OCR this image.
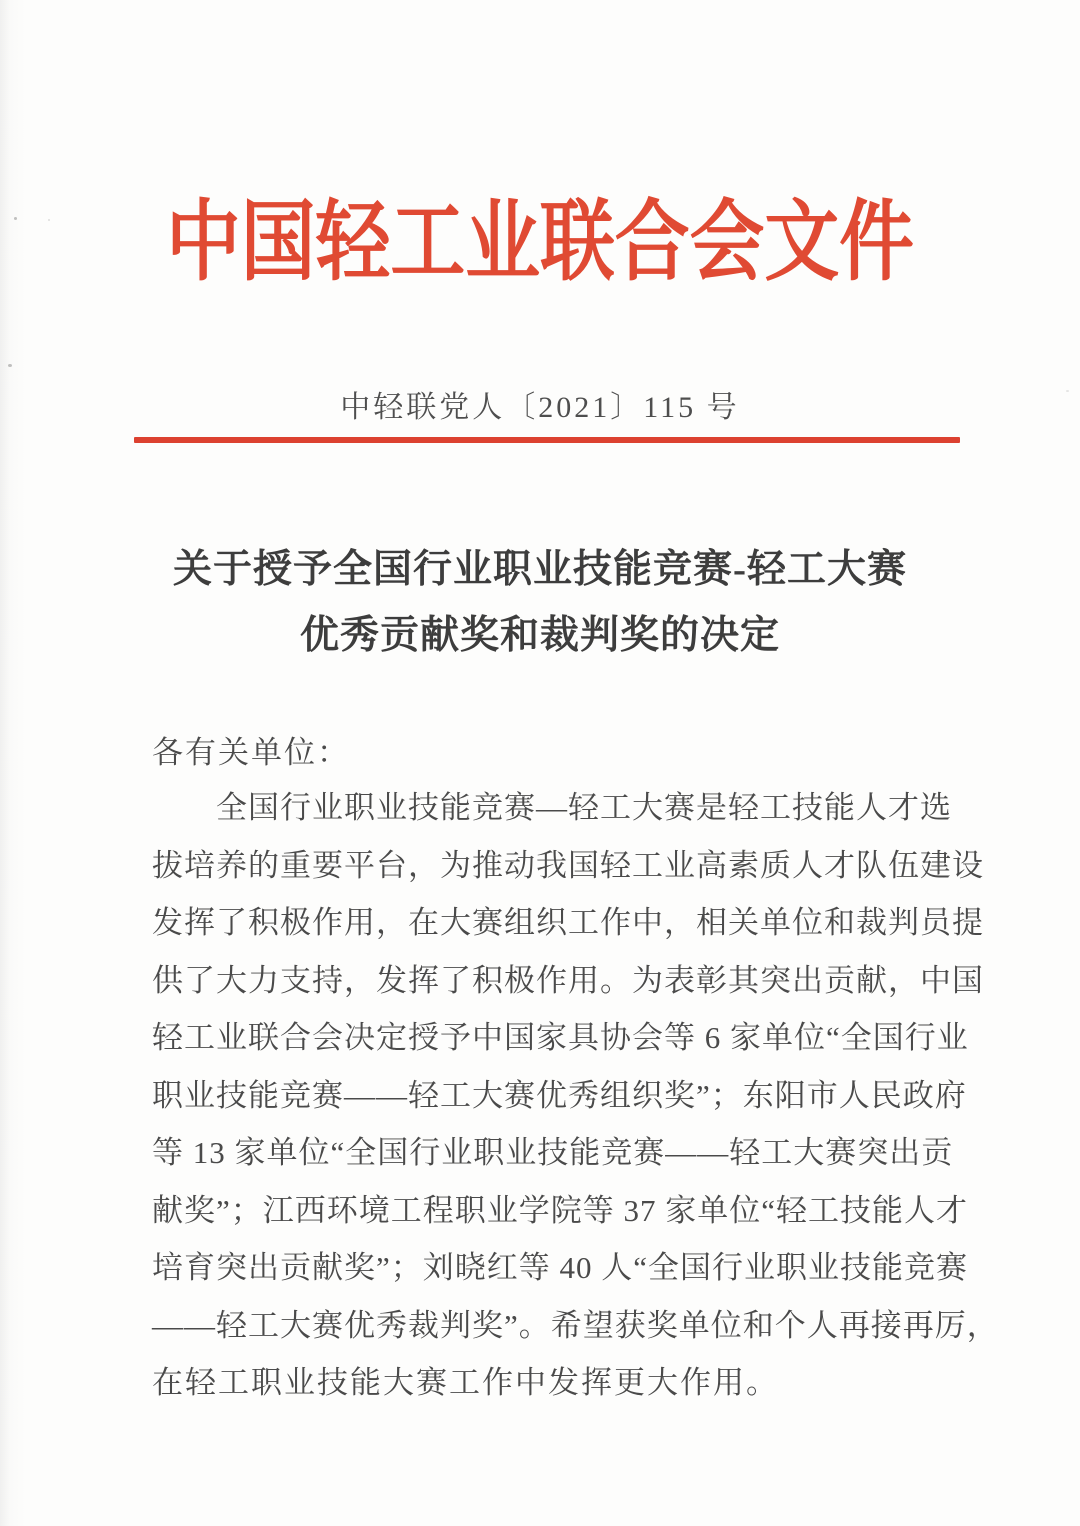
中国轻工业联合会文件
中轻联党人〔2021〕115 号
关于授予全国行业职业技能竞赛-轻工大赛
优秀贡献奖和裁判奖的决定
各有关单位：
　　全国行业职业技能竞赛—轻工大赛是轻工技能人才选
拔培养的重要平台，为推动我国轻工业高素质人才队伍建设
发挥了积极作用，在大赛组织工作中，相关单位和裁判员提
供了大力支持，发挥了积极作用。为表彰其突出贡献，中国
轻工业联合会决定授予中国家具协会等 6 家单位“全国行业
职业技能竞赛——轻工大赛优秀组织奖”；东阳市人民政府
等 13 家单位“全国行业职业技能竞赛——轻工大赛突出贡
献奖”；江西环境工程职业学院等 37 家单位“轻工技能人才
培育突出贡献奖”；刘晓红等 40 人“全国行业职业技能竞赛
——轻工大赛优秀裁判奖”。希望获奖单位和个人再接再厉，
在轻工职业技能大赛工作中发挥更大作用。
